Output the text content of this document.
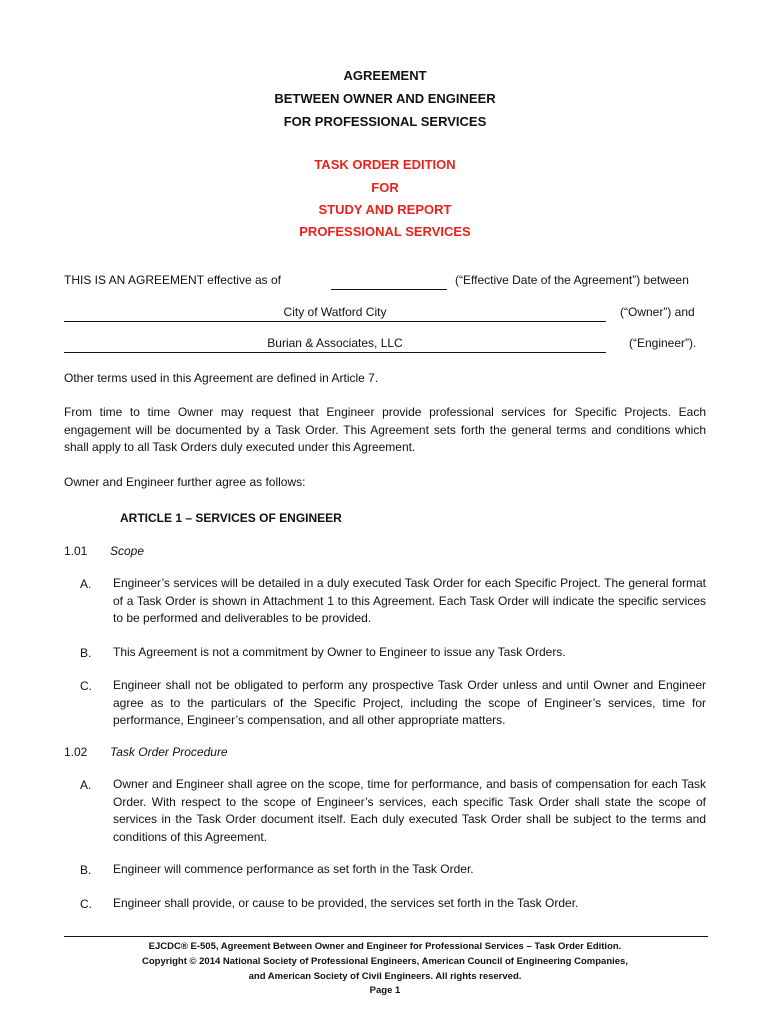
AGREEMENT
BETWEEN OWNER AND ENGINEER
FOR PROFESSIONAL SERVICES
TASK ORDER EDITION
FOR
STUDY AND REPORT
PROFESSIONAL SERVICES
THIS IS AN AGREEMENT effective as of	(“Effective Date of the Agreement”) between
City of Watford City	(“Owner”) and
Burian & Associates, LLC	(“Engineer”).
Other terms used in this Agreement are defined in Article 7.
From time to time Owner may request that Engineer provide professional services for Specific Projects. Each engagement will be documented by a Task Order. This Agreement sets forth the general terms and conditions which shall apply to all Task Orders duly executed under this Agreement.
Owner and Engineer further agree as follows:
ARTICLE 1 – SERVICES OF ENGINEER
1.01 Scope
A. Engineer’s services will be detailed in a duly executed Task Order for each Specific Project. The general format of a Task Order is shown in Attachment 1 to this Agreement. Each Task Order will indicate the specific services to be performed and deliverables to be provided.
B. This Agreement is not a commitment by Owner to Engineer to issue any Task Orders.
C. Engineer shall not be obligated to perform any prospective Task Order unless and until Owner and Engineer agree as to the particulars of the Specific Project, including the scope of Engineer’s services, time for performance, Engineer’s compensation, and all other appropriate matters.
1.02 Task Order Procedure
A. Owner and Engineer shall agree on the scope, time for performance, and basis of compensation for each Task Order. With respect to the scope of Engineer’s services, each specific Task Order shall state the scope of services in the Task Order document itself. Each duly executed Task Order shall be subject to the terms and conditions of this Agreement.
B. Engineer will commence performance as set forth in the Task Order.
C. Engineer shall provide, or cause to be provided, the services set forth in the Task Order.
EJCDC® E-505, Agreement Between Owner and Engineer for Professional Services – Task Order Edition.
Copyright © 2014 National Society of Professional Engineers, American Council of Engineering Companies,
and American Society of Civil Engineers. All rights reserved.
Page 1
